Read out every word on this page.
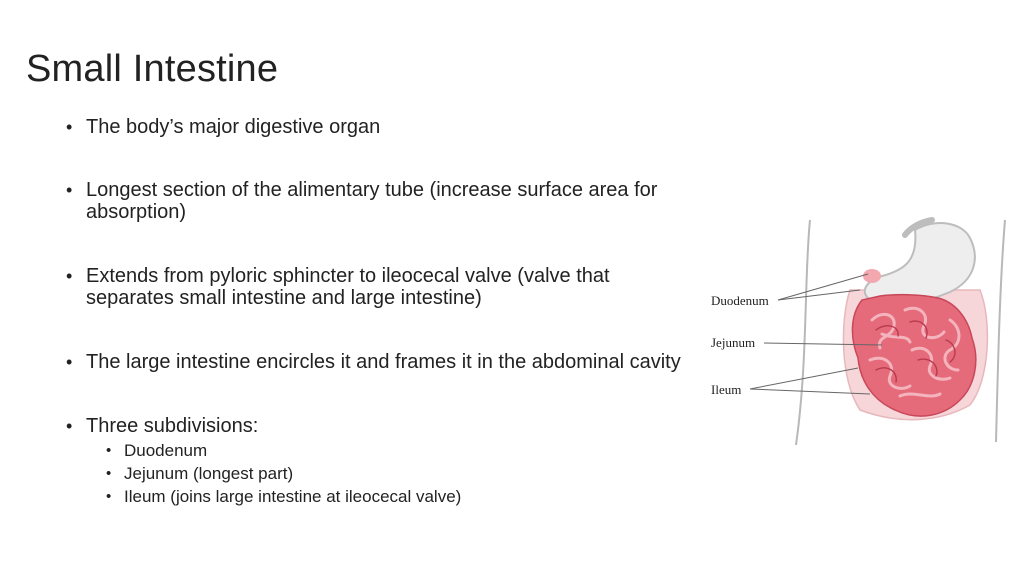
Small Intestine
• The body’s major digestive organ
• Longest section of the alimentary tube (increase surface area for absorption)
• Extends from pyloric sphincter to ileocecal valve (valve that separates small intestine and large intestine)
• The large intestine encircles it and frames it in the abdominal cavity
• Three subdivisions:
• Duodenum
• Jejunum (longest part)
• Ileum (joins large intestine at ileocecal valve)
Duodenum
Jejunum
Ileum
